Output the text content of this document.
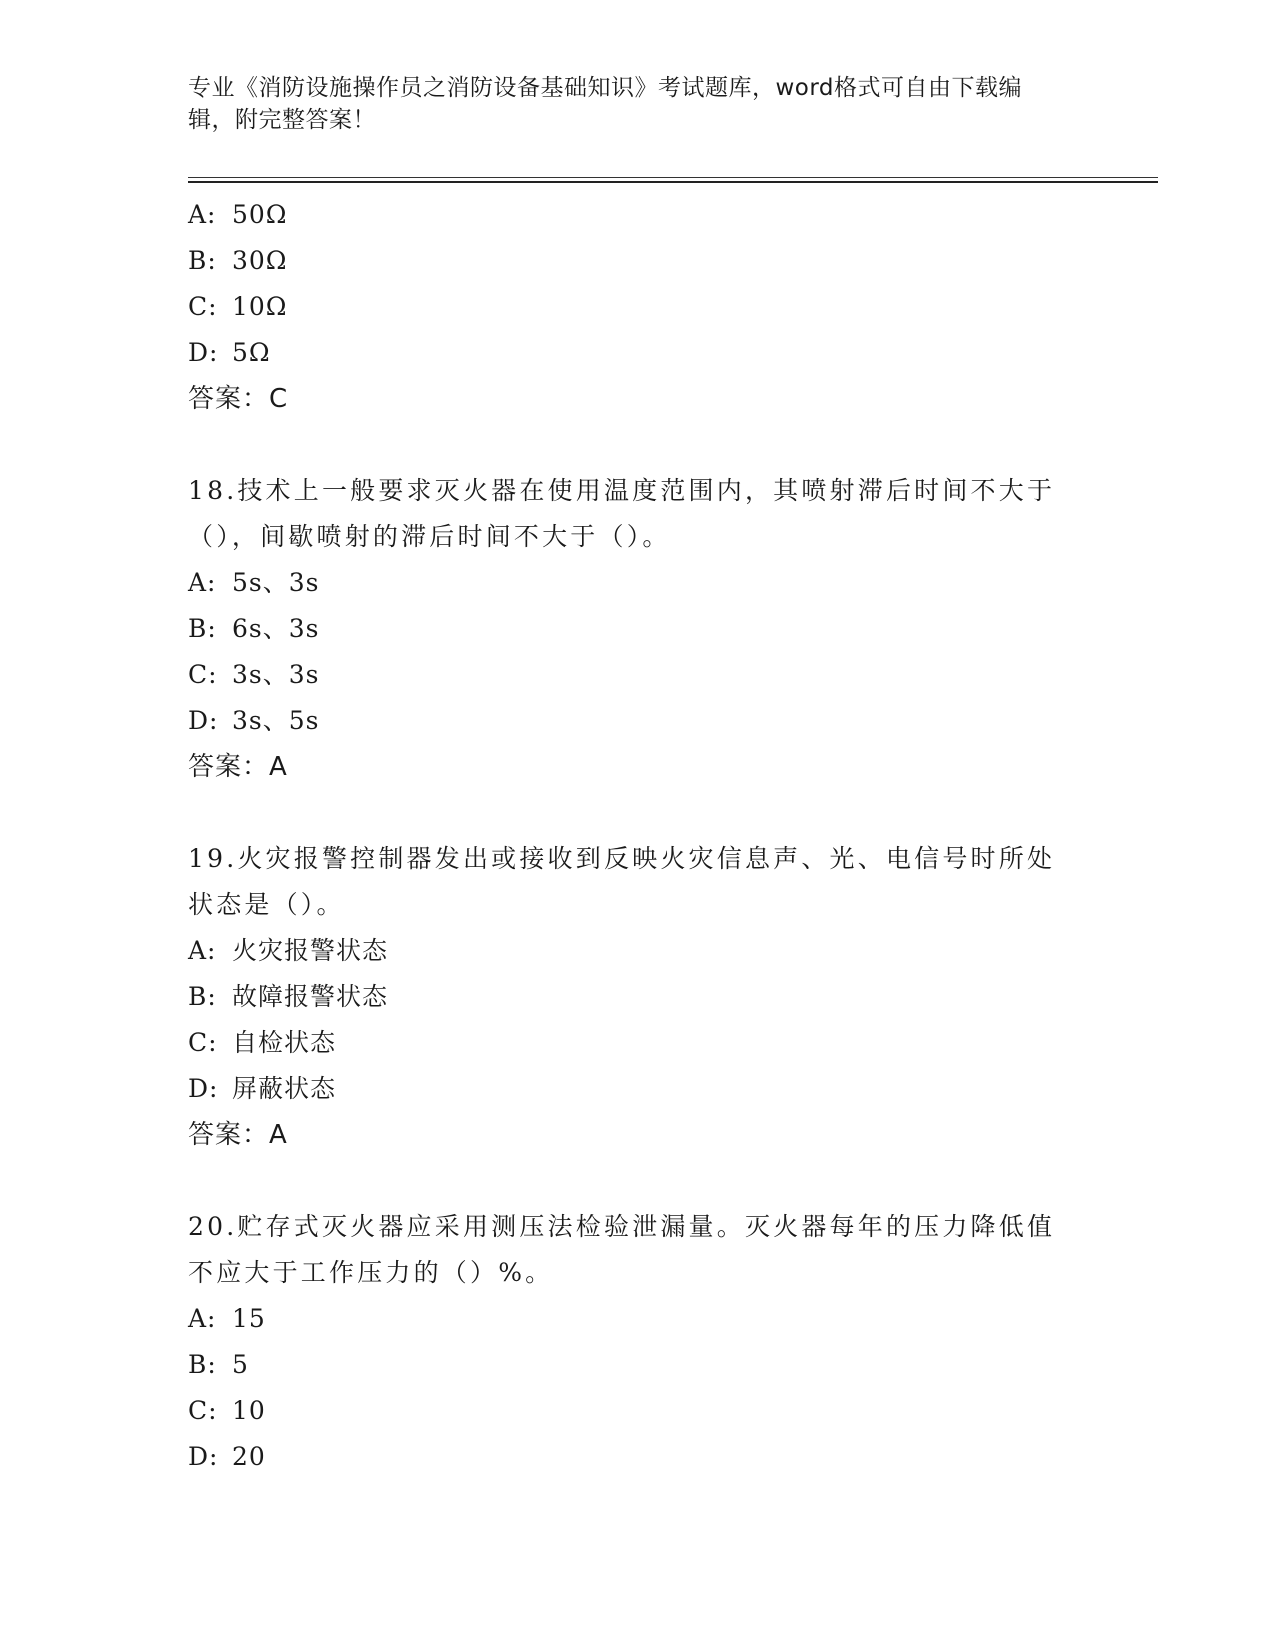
专业《消防设施操作员之消防设备基础知识》考试题库，word格式可自由下载编辑，附完整答案！
A: 50Ω
B: 30Ω
C: 10Ω
D: 5Ω
答案：C
18.技术上一般要求灭火器在使用温度范围内，其喷射滞后时间不大于（），间歇喷射的滞后时间不大于（）。
A: 5s、3s
B: 6s、3s
C: 3s、3s
D: 3s、5s
答案：A
19.火灾报警控制器发出或接收到反映火灾信息声、光、电信号时所处状态是（）。
A: 火灾报警状态
B: 故障报警状态
C: 自检状态
D: 屏蔽状态
答案：A
20.贮存式灭火器应采用测压法检验泄漏量。灭火器每年的压力降低值不应大于工作压力的（）%。
A: 15
B: 5
C: 10
D: 20
